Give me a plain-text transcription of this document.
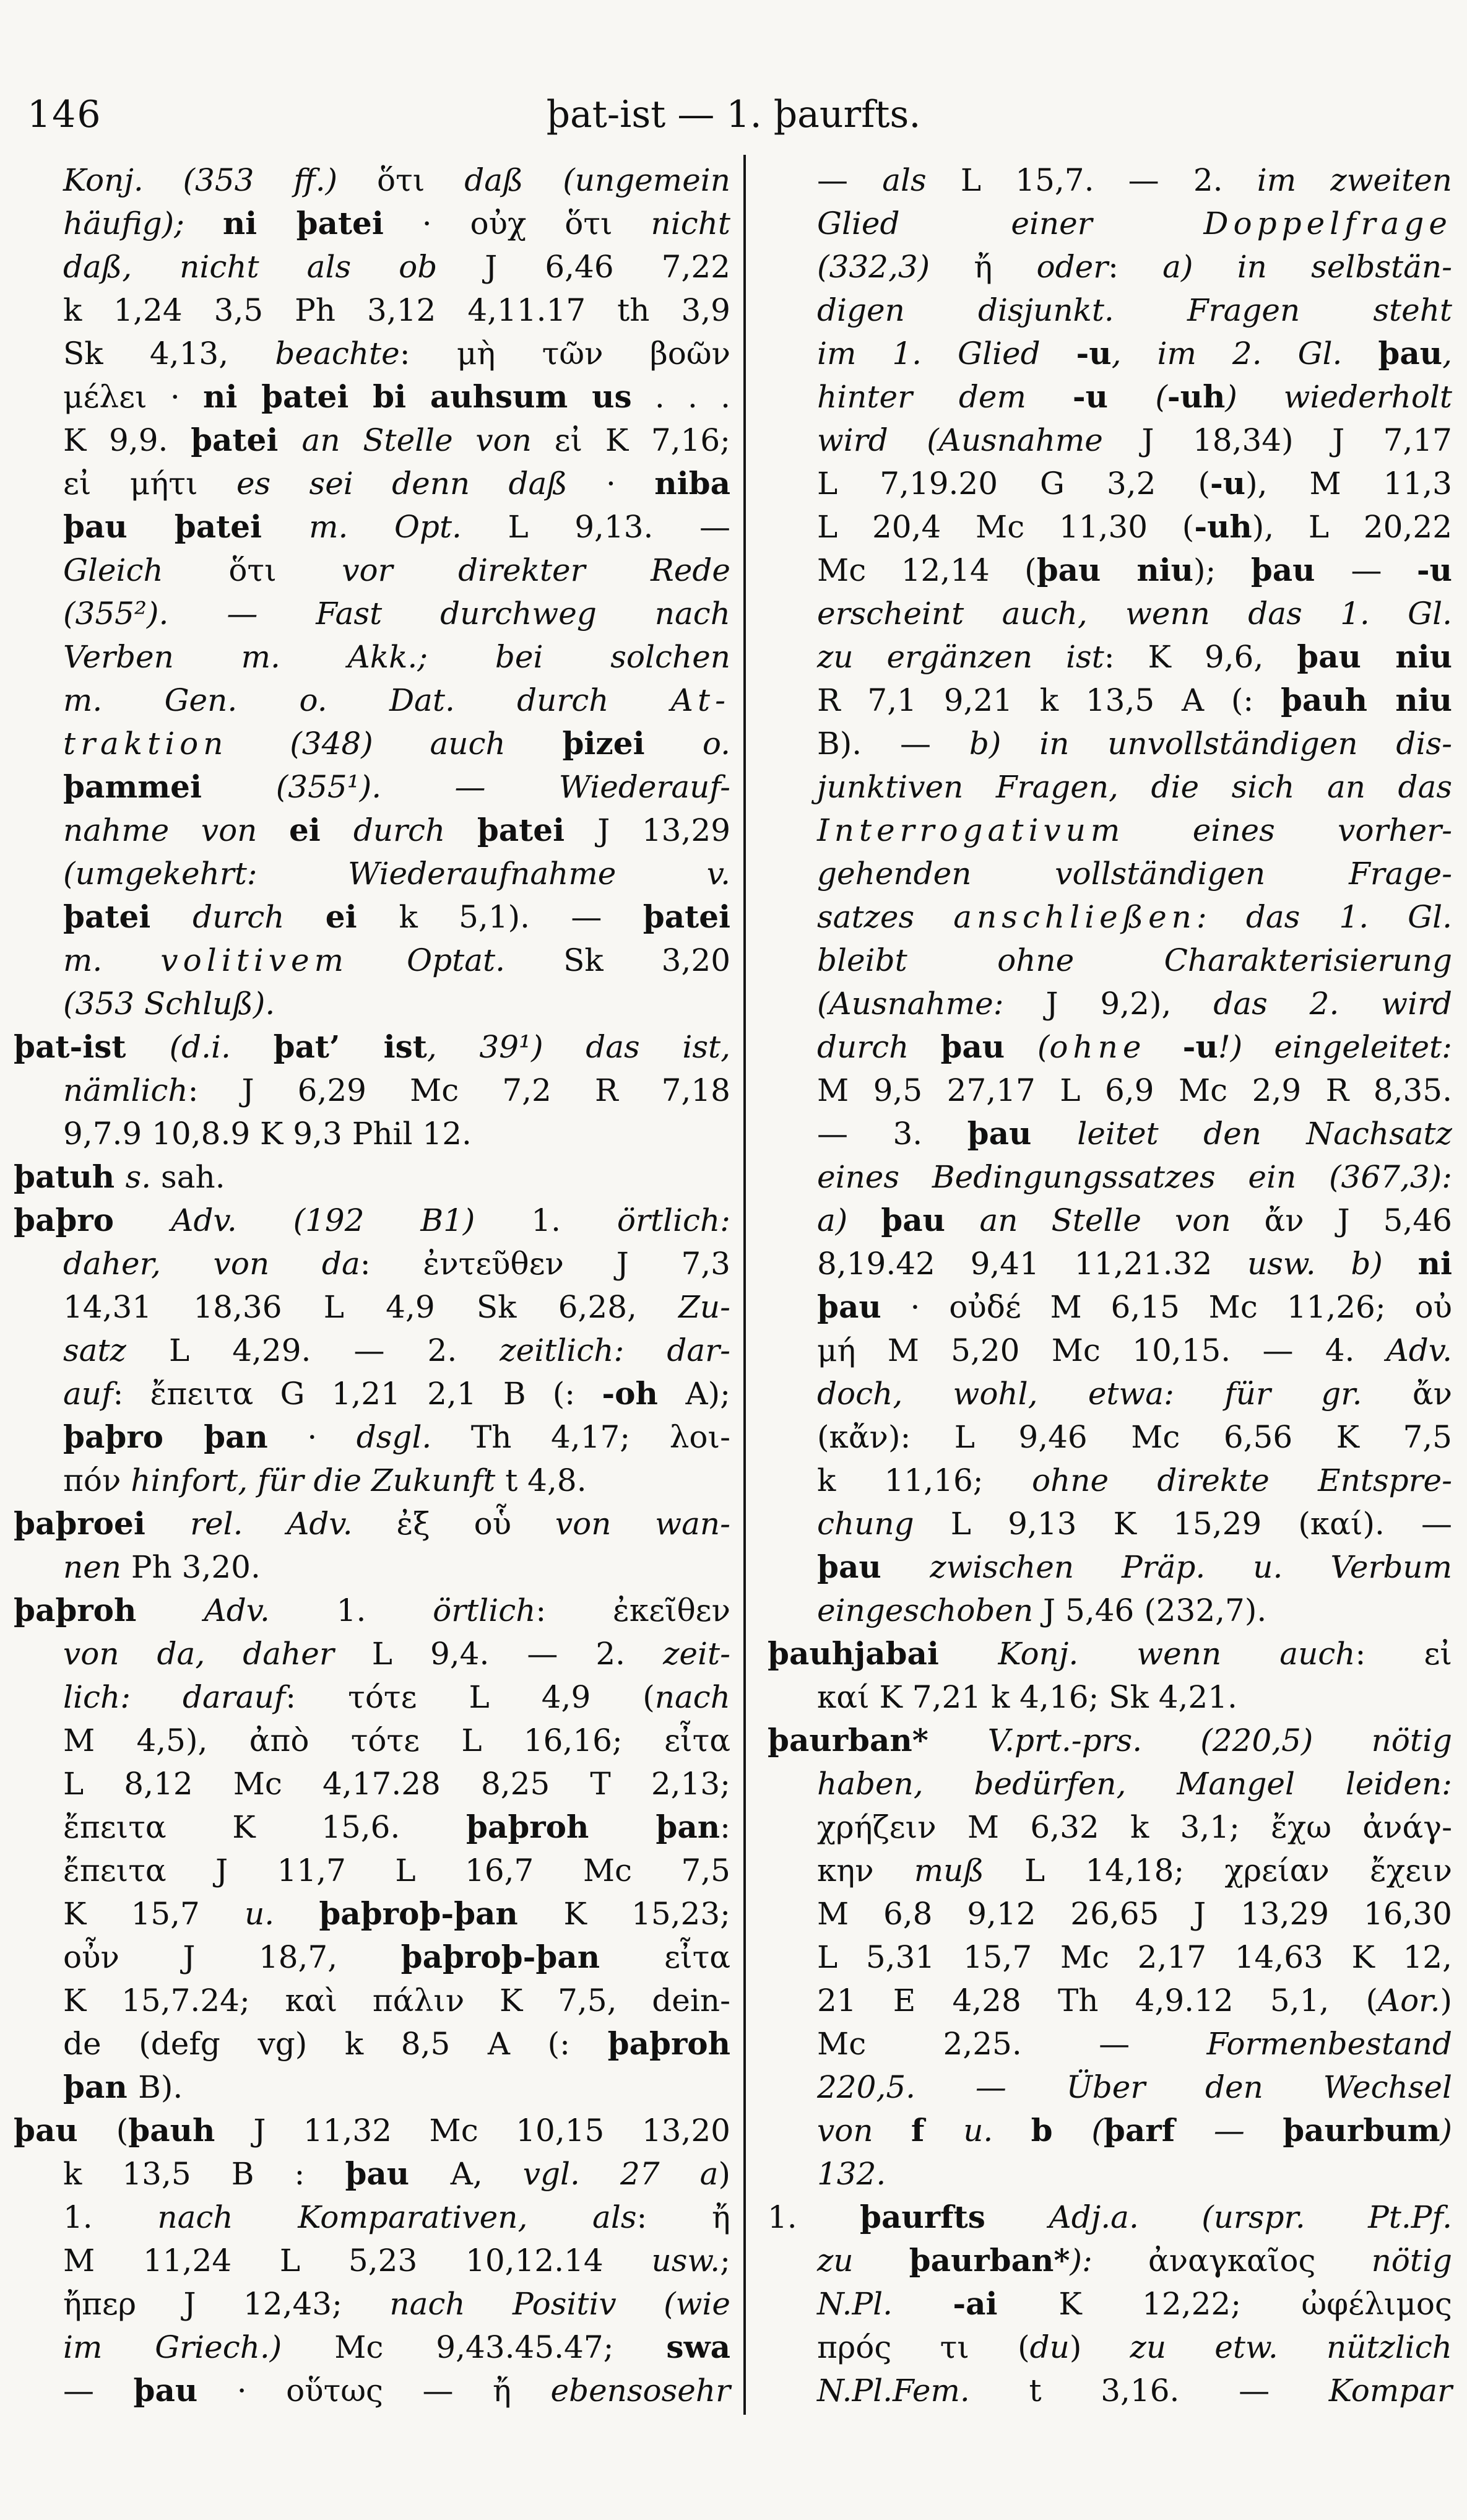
146	þat-ist — 1. þaurfts.
Konj. (353 ff.) ὅτι daß (ungemein
häufig); ni þatei · οὐχ ὅτι nicht
daß, nicht als ob J 6,46 7,22
k 1,24 3,5 Ph 3,12 4,11.17 th 3,9
Sk 4,13, beachte: μὴ τῶν βοῶν
μέλει · ni þatei bi auhsum us . . .
K 9,9. þatei an Stelle von εἰ K 7,16;
εἰ μήτι es sei denn daß · niba
þau þatei m. Opt. L 9,13. —
Gleich ὅτι vor direkter Rede
(355²). — Fast durchweg nach
Verben m. Akk.; bei solchen
m. Gen. o. Dat. durch At-
traktion (348) auch þizei o.
þammei (355¹). — Wiederauf-
nahme von ei durch þatei J 13,29
(umgekehrt: Wiederaufnahme v.
þatei durch ei k 5,1). — þatei
m. volitivem Optat. Sk 3,20
(353 Schluß).
þat-ist (d.i. þat’ ist, 39¹) das ist,
nämlich: J 6,29 Mc 7,2 R 7,18
9,7.9 10,8.9 K 9,3 Phil 12.
þatuh s. sah.
þaþro Adv. (192 B1) 1. örtlich:
daher, von da: ἐντεῦθεν J 7,3
14,31 18,36 L 4,9 Sk 6,28, Zu-
satz L 4,29. — 2. zeitlich: dar-
auf: ἔπειτα G 1,21 2,1 B (: -oh A);
þaþro þan · dsgl. Th 4,17; λοι-
πόν hinfort, für die Zukunft t 4,8.
þaþroei rel. Adv. ἐξ οὗ von wan-
nen Ph 3,20.
þaþroh Adv. 1. örtlich: ἐκεῖθεν
von da, daher L 9,4. — 2. zeit-
lich: darauf: τότε L 4,9 (nach
M 4,5), ἀπὸ τότε L 16,16; εἶτα
L 8,12 Mc 4,17.28 8,25 T 2,13;
ἔπειτα K 15,6. þaþroh þan:
ἔπειτα J 11,7 L 16,7 Mc 7,5
K 15,7 u. þaþroþ-þan K 15,23;
οὖν J 18,7, þaþroþ-þan εἶτα
K 15,7.24; καὶ πάλιν K 7,5, dein-
de (defg vg) k 8,5 A (: þaþroh
þan B).
þau (þauh J 11,32 Mc 10,15 13,20
k 13,5 B : þau A, vgl. 27 a)
1. nach Komparativen, als: ἤ
M 11,24 L 5,23 10,12.14 usw.;
ἤπερ J 12,43; nach Positiv (wie
im Griech.) Mc 9,43.45.47; swa
— þau · οὕτως — ἤ ebensosehr
— als L 15,7. — 2. im zweiten
Glied einer Doppelfrage
(332,3) ἤ oder: a) in selbstän-
digen disjunkt. Fragen steht
im 1. Glied -u, im 2. Gl. þau,
hinter dem -u (-uh) wiederholt
wird (Ausnahme J 18,34) J 7,17
L 7,19.20 G 3,2 (-u), M 11,3
L 20,4 Mc 11,30 (-uh), L 20,22
Mc 12,14 (þau niu); þau — -u
erscheint auch, wenn das 1. Gl.
zu ergänzen ist: K 9,6, þau niu
R 7,1 9,21 k 13,5 A (: þauh niu
B). — b) in unvollständigen dis-
junktiven Fragen, die sich an das
Interrogativum eines vorher-
gehenden vollständigen Frage-
satzes anschließen: das 1. Gl.
bleibt ohne Charakterisierung
(Ausnahme: J 9,2), das 2. wird
durch þau (ohne -u!) eingeleitet:
M 9,5 27,17 L 6,9 Mc 2,9 R 8,35.
— 3. þau leitet den Nachsatz
eines Bedingungssatzes ein (367,3):
a) þau an Stelle von ἄν J 5,46
8,19.42 9,41 11,21.32 usw. b) ni
þau · οὐδέ M 6,15 Mc 11,26; οὐ
μή M 5,20 Mc 10,15. — 4. Adv.
doch, wohl, etwa: für gr. ἄν
(κἄν): L 9,46 Mc 6,56 K 7,5
k 11,16; ohne direkte Entspre-
chung L 9,13 K 15,29 (καί). —
þau zwischen Präp. u. Verbum
eingeschoben J 5,46 (232,7).
þauhjabai Konj. wenn auch: εἰ
καί K 7,21 k 4,16; Sk 4,21.
þaurban* V.prt.-prs. (220,5) nötig
haben, bedürfen, Mangel leiden:
χρήζειν M 6,32 k 3,1; ἔχω ἀνάγ-
κην muß L 14,18; χρείαν ἔχειν
M 6,8 9,12 26,65 J 13,29 16,30
L 5,31 15,7 Mc 2,17 14,63 K 12,
21 E 4,28 Th 4,9.12 5,1, (Aor.)
Mc 2,25. — Formenbestand
220,5. — Über den Wechsel
von f u. b (þarf — þaurbum)
132.
1. þaurfts Adj.a. (urspr. Pt.Pf.
zu þaurban*): ἀναγκαῖος nötig
N.Pl. -ai K 12,22; ὠφέλιμος
πρός τι (du) zu etw. nützlich
N.Pl.Fem. t 3,16. — Kompar
